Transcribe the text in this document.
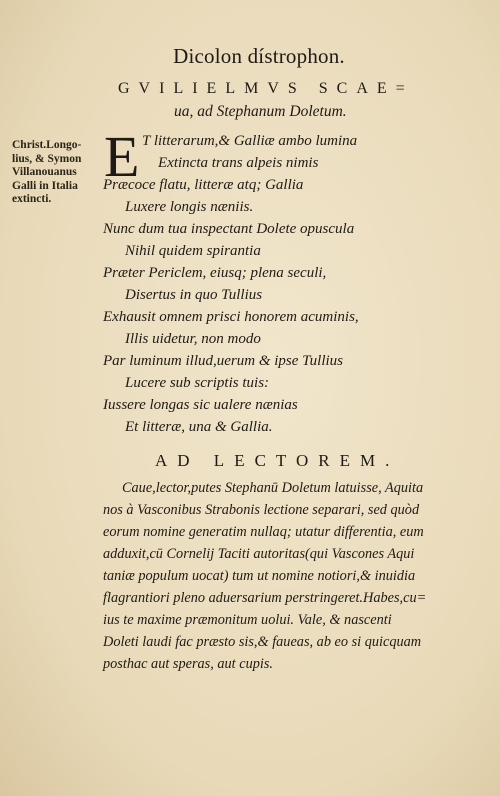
Dicolon dístrophon.
GVILIELMVS SCAE=
ua, ad Stephanum Doletum.
Christ.Longo-
lius, & Symon
Villanouanus
Galli in Italia
extincti.
E T litterarum,& Galliæ ambo lumina
Extincta trans alpeis nimis
Præcoce flatu, litteræ atq; Gallia
Luxere longis næniis.
Nunc dum tua inspectant Dolete opuscula
Nihil quidem spirantia
Præter Periclem, eiusq; plena seculi,
Disertus in quo Tullius
Exhausit omnem prisci honorem acuminis,
Illis uidetur, non modo
Par luminum illud,uerum & ipse Tullius
Lucere sub scriptis tuis:
Iussere longas sic ualere nænias
Et litteræ, una & Gallia.
AD LECTOREM.
Caue,lector,putes Stephanū Doletum latuisse, Aquita
nos à Vasconibus Strabonis lectione separari, sed quòd
eorum nomine generatim nullaq; utatur differentia, eum
adduxit,cū Cornelij Taciti autoritas(qui Vascones Aqui
taniæ populum uocat) tum ut nomine notiori,& inuidia
flagrantiori pleno aduersarium perstringeret.Habes,cu=
ius te maxime præmonitum uolui. Vale, & nascenti
Doleti laudi fac præsto sis,& faueas, ab eo si quicquam
posthac aut speras, aut cupis.
